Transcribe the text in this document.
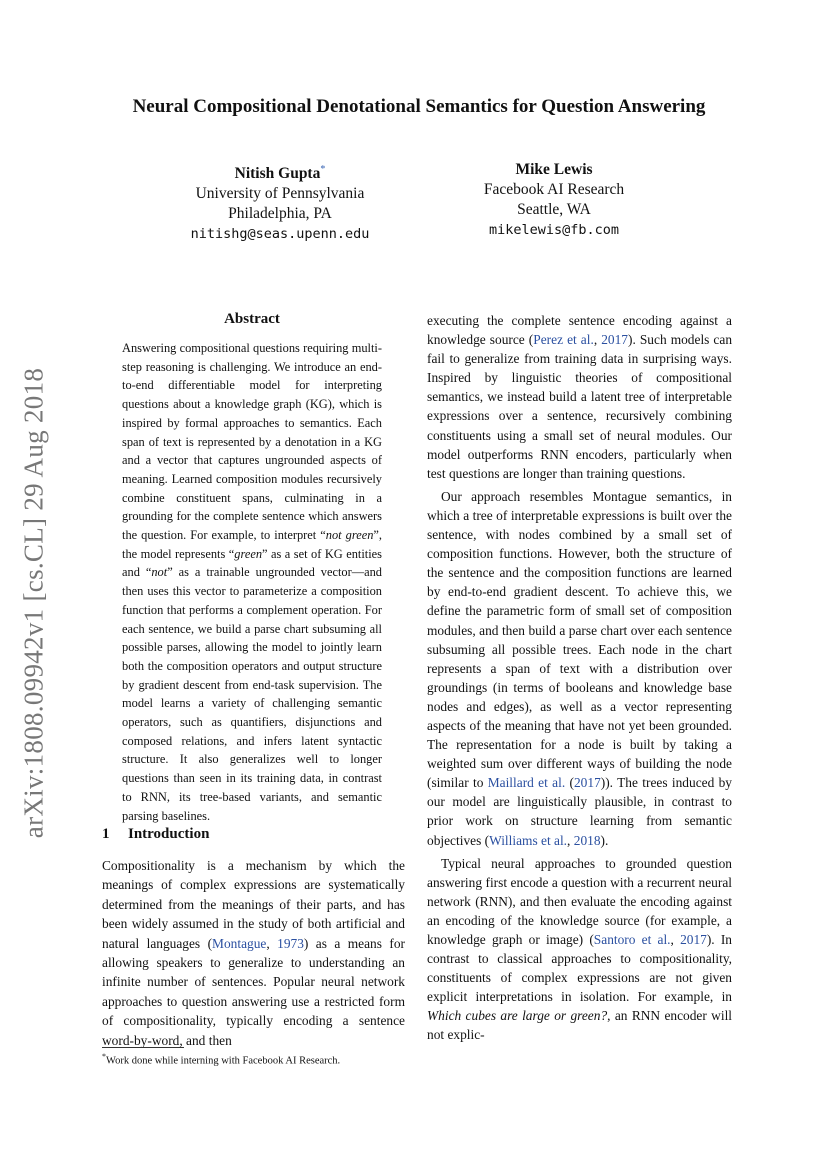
arXiv:1808.09942v1 [cs.CL] 29 Aug 2018
Neural Compositional Denotational Semantics for Question Answering
Nitish Gupta*
University of Pennsylvania
Philadelphia, PA
nitishg@seas.upenn.edu
Mike Lewis
Facebook AI Research
Seattle, WA
mikelewis@fb.com
Abstract

Answering compositional questions requiring multi-step reasoning is challenging. We introduce an end-to-end differentiable model for interpreting questions about a knowledge graph (KG), which is inspired by formal approaches to semantics. Each span of text is represented by a denotation in a KG and a vector that captures ungrounded aspects of meaning. Learned composition modules recursively combine constituent spans, culminating in a grounding for the complete sentence which answers the question. For example, to interpret “not green”, the model represents “green” as a set of KG entities and “not” as a trainable ungrounded vector—and then uses this vector to parameterize a composition function that performs a complement operation. For each sentence, we build a parse chart subsuming all possible parses, allowing the model to jointly learn both the composition operators and output structure by gradient descent from end-task supervision. The model learns a variety of challenging semantic operators, such as quantifiers, disjunctions and composed relations, and infers latent syntactic structure. It also generalizes well to longer questions than seen in its training data, in contrast to RNN, its tree-based variants, and semantic parsing baselines.

1 Introduction

Compositionality is a mechanism by which the meanings of complex expressions are systematically determined from the meanings of their parts, and has been widely assumed in the study of both artificial and natural languages (Montague, 1973) as a means for allowing speakers to generalize to understanding an infinite number of sentences. Popular neural network approaches to question answering use a restricted form of compositionality, typically encoding a sentence word-by-word, and then

*Work done while interning with Facebook AI Research.

executing the complete sentence encoding against a knowledge source (Perez et al., 2017). Such models can fail to generalize from training data in surprising ways. Inspired by linguistic theories of compositional semantics, we instead build a latent tree of interpretable expressions over a sentence, recursively combining constituents using a small set of neural modules. Our model outperforms RNN encoders, particularly when test questions are longer than training questions.

Our approach resembles Montague semantics, in which a tree of interpretable expressions is built over the sentence, with nodes combined by a small set of composition functions. However, both the structure of the sentence and the composition functions are learned by end-to-end gradient descent. To achieve this, we define the parametric form of small set of composition modules, and then build a parse chart over each sentence subsuming all possible trees. Each node in the chart represents a span of text with a distribution over groundings (in terms of booleans and knowledge base nodes and edges), as well as a vector representing aspects of the meaning that have not yet been grounded. The representation for a node is built by taking a weighted sum over different ways of building the node (similar to Maillard et al. (2017)). The trees induced by our model are linguistically plausible, in contrast to prior work on structure learning from semantic objectives (Williams et al., 2018).

Typical neural approaches to grounded question answering first encode a question with a recurrent neural network (RNN), and then evaluate the encoding against an encoding of the knowledge source (for example, a knowledge graph or image) (Santoro et al., 2017). In contrast to classical approaches to compositionality, constituents of complex expressions are not given explicit interpretations in isolation. For example, in Which cubes are large or green?, an RNN encoder will not explic-
